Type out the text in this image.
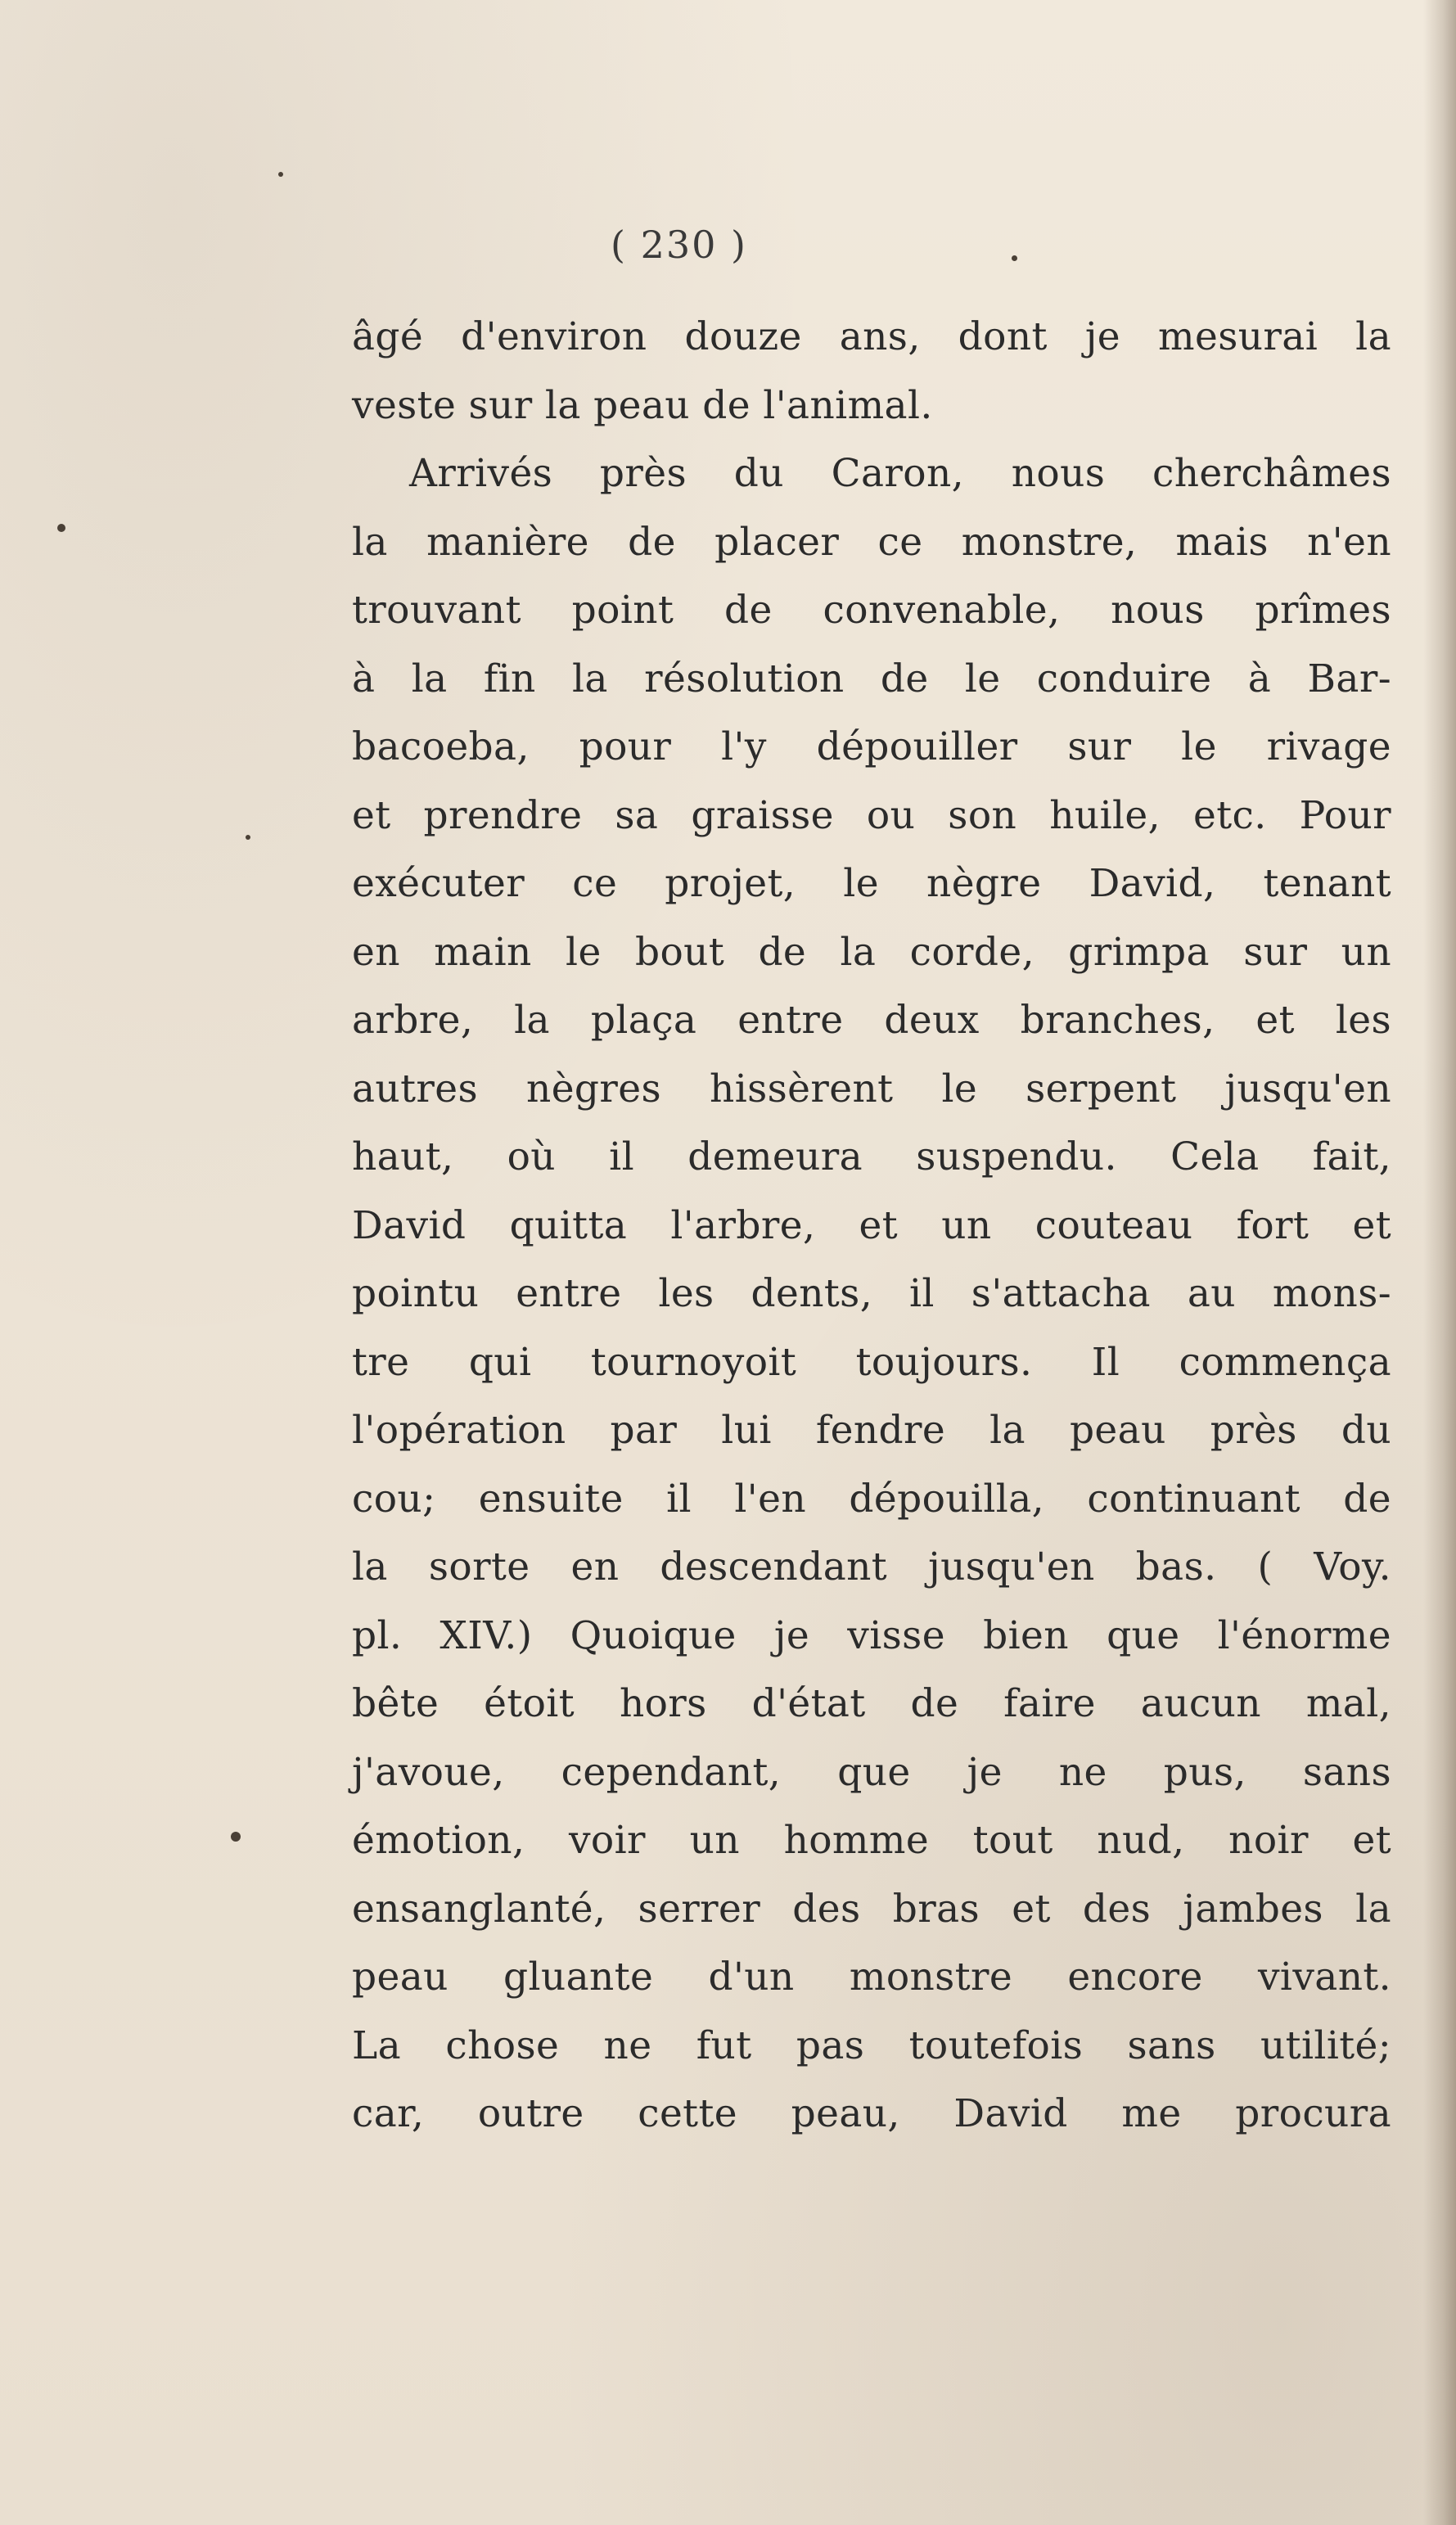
( 230 )
âgé d'environ douze ans, dont je mesurai la
veste sur la peau de l'animal.
Arrivés près du Caron, nous cherchâmes
la manière de placer ce monstre, mais n'en
trouvant point de convenable, nous prîmes
à la fin la résolution de le conduire à Bar-
bacoeba, pour l'y dépouiller sur le rivage
et prendre sa graisse ou son huile, etc. Pour
exécuter ce projet, le nègre David, tenant
en main le bout de la corde, grimpa sur un
arbre, la plaça entre deux branches, et les
autres nègres hissèrent le serpent jusqu'en
haut, où il demeura suspendu. Cela fait,
David quitta l'arbre, et un couteau fort et
pointu entre les dents, il s'attacha au mons-
tre qui tournoyoit toujours. Il commença
l'opération par lui fendre la peau près du
cou; ensuite il l'en dépouilla, continuant de
la sorte en descendant jusqu'en bas. ( Voy.
pl. XIV.) Quoique je visse bien que l'énorme
bête étoit hors d'état de faire aucun mal,
j'avoue, cependant, que je ne pus, sans
émotion, voir un homme tout nud, noir et
ensanglanté, serrer des bras et des jambes la
peau gluante d'un monstre encore vivant.
La chose ne fut pas toutefois sans utilité;
car, outre cette peau, David me procura
